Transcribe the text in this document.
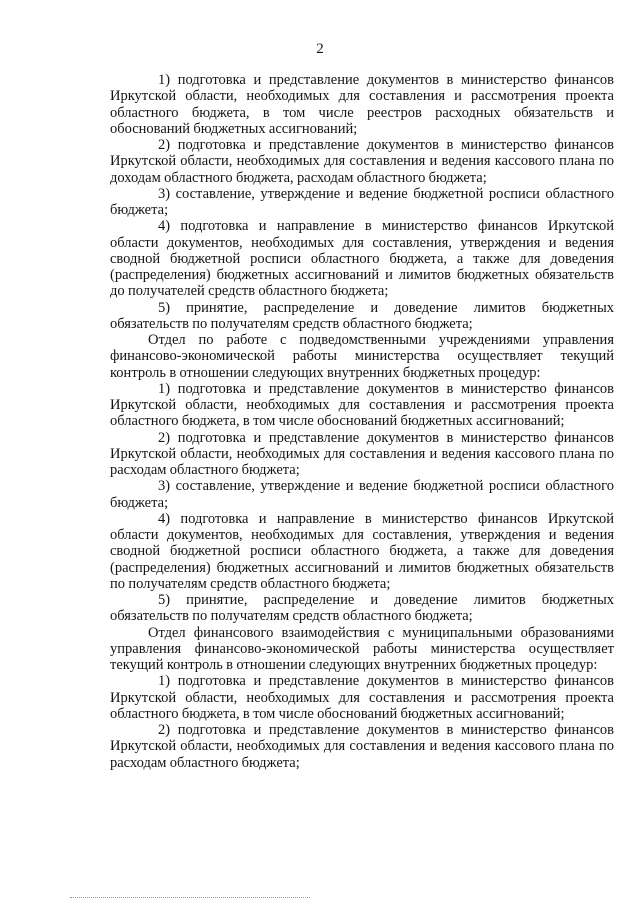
2

1) подготовка и представление документов в министерство финансов Иркутской области, необходимых для составления и рассмотрения проекта областного бюджета, в том числе реестров расходных обязательств и обоснований бюджетных ассигнований;

2) подготовка и представление документов в министерство финансов Иркутской области, необходимых для составления и ведения кассового плана по доходам областного бюджета, расходам областного бюджета;

3) составление, утверждение и ведение бюджетной росписи областного бюджета;

4) подготовка и направление в министерство финансов Иркутской области документов, необходимых для составления, утверждения и ведения сводной бюджетной росписи областного бюджета, а также для доведения (распределения) бюджетных ассигнований и лимитов бюджетных обязательств до получателей средств областного бюджета;

5) принятие, распределение и доведение лимитов бюджетных обязательств по получателям средств областного бюджета;

Отдел по работе с подведомственными учреждениями управления финансово-экономической работы министерства осуществляет текущий контроль в отношении следующих внутренних бюджетных процедур:

1) подготовка и представление документов в министерство финансов Иркутской области, необходимых для составления и рассмотрения проекта областного бюджета, в том числе обоснований бюджетных ассигнований;

2) подготовка и представление документов в министерство финансов Иркутской области, необходимых для составления и ведения кассового плана по расходам областного бюджета;

3) составление, утверждение и ведение бюджетной росписи областного бюджета;

4) подготовка и направление в министерство финансов Иркутской области документов, необходимых для составления, утверждения и ведения сводной бюджетной росписи областного бюджета, а также для доведения (распределения) бюджетных ассигнований и лимитов бюджетных обязательств по получателям средств областного бюджета;

5) принятие, распределение и доведение лимитов бюджетных обязательств по получателям средств областного бюджета;

Отдел финансового взаимодействия с муниципальными образованиями управления финансово-экономической работы министерства осуществляет текущий контроль в отношении следующих внутренних бюджетных процедур:

1) подготовка и представление документов в министерство финансов Иркутской области, необходимых для составления и рассмотрения проекта областного бюджета, в том числе обоснований бюджетных ассигнований;

2) подготовка и представление документов в министерство финансов Иркутской области, необходимых для составления и ведения кассового плана по расходам областного бюджета;
